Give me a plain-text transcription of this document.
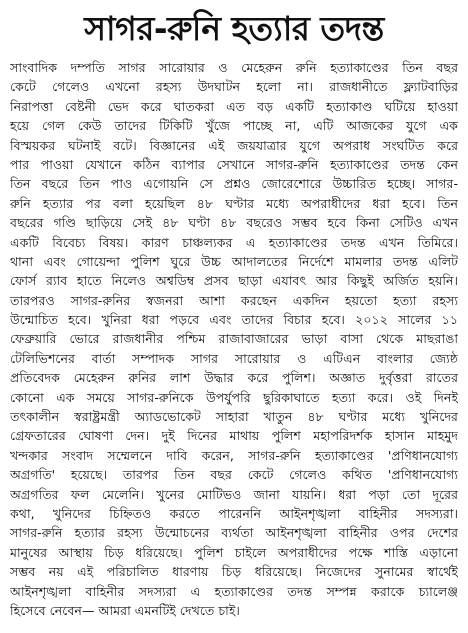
সাগর-রুনি হত্যার তদন্ত
সাংবাদিক দম্পতি সাগর সারোয়ার ও মেহেরুন রুনি হত্যাকাণ্ডের তিন বছর
কেটে গেলেও এখনো রহস্য উদঘাটন হলো না। রাজধানীতে ফ্ল্যাটবাড়ির
নিরাপত্তা বেষ্টনী ভেদ করে ঘাতকরা এত বড় একটি হত্যাকাণ্ড ঘটিয়ে হাওয়া
হয়ে গেল কেউ তাদের টিকিটি খুঁজে পাচ্ছে না, এটি আজকের যুগে এক
বিস্ময়কর ঘটনাই বটে। বিজ্ঞানের এই জয়যাত্রার যুগে অপরাধ সংঘটিত করে
পার পাওয়া যেখানে কঠিন ব্যাপার সেখানে সাগর-রুনি হত্যাকাণ্ডের তদন্ত কেন
তিন বছরে তিন পাও এগোয়নি সে প্রশ্নও জোরেশোরে উচ্চারিত হচ্ছে। সাগর-
রুনি হত্যার পর বলা হয়েছিল ৪৮ ঘণ্টার মধ্যে অপরাধীদের ধরা হবে। তিন
বছরের গণ্ডি ছাড়িয়ে সেই ৪৮ ঘণ্টা ৪৮ বছরেও সম্ভব হবে কিনা সেটিও এখন
একটি বিবেচ্য বিষয়। কারণ চাঞ্চল্যকর এ হত্যাকাণ্ডের তদন্ত এখন তিমিরে।
থানা এবং গোয়েন্দা পুলিশ ঘুরে উচ্চ আদালতের নির্দেশে মামলার তদন্ত এলিট
ফোর্স র‌্যাব হাতে নিলেও অশ্বডিম্ব প্রসব ছাড়া এযাবৎ আর কিছুই অর্জিত হয়নি।
তারপরও সাগর-রুনির স্বজনরা আশা করছেন একদিন হয়তো হত্যা রহস্য
উন্মোচিত হবে। খুনিরা ধরা পড়বে এবং তাদের বিচার হবে। ২০১২ সালের ১১
ফেব্রুয়ারি ভোরে রাজধানীর পশ্চিম রাজাবাজারের ভাড়া বাসা থেকে মাছরাঙা
টেলিভিশনের বার্তা সম্পাদক সাগর সারোয়ার ও এটিএন বাংলার জ্যেষ্ঠ
প্রতিবেদক মেহেরুন রুনির লাশ উদ্ধার করে পুলিশ। অজ্ঞাত দুর্বৃত্তরা রাতের
কোনো এক সময়ে সাগর-রুনিকে উপর্যুপরি ছুরিকাঘাতে হত্যা করে। ওই দিনই
তৎকালীন স্বরাষ্ট্রমন্ত্রী অ্যাডভোকেট সাহারা খাতুন ৪৮ ঘণ্টার মধ্যে খুনিদের
গ্রেফতারের ঘোষণা দেন। দুই দিনের মাথায় পুলিশ মহাপরিদর্শক হাসান মাহমুদ
খন্দকার সংবাদ সম্মেলনে দাবি করেন, সাগর-রুনি হত্যাকাণ্ডের 'প্রণিধানযোগ্য
অগ্রগতি' হয়েছে। তারপর তিন বছর কেটে গেলেও কথিত 'প্রণিধানযোগ্য
অগ্রগতির ফল মেলেনি। খুনের মোটিভও জানা যায়নি। ধরা পড়া তো দূরের
কথা, খুনিদের চিহ্নিতও করতে পারেননি আইনশৃঙ্খলা বাহিনীর সদস্যরা।
সাগর-রুনি হত্যার রহস্য উন্মোচনের ব্যর্থতা আইনশৃঙ্খলা বাহিনীর ওপর দেশের
মানুষের আস্থায় চিড় ধরিয়েছে। পুলিশ চাইলে অপরাধীদের পক্ষে শাস্তি এড়ানো
সম্ভব নয় এই পরিচালিত ধারণায় চিড় ধরিয়েছে। নিজেদের সুনামের স্বার্থেই
আইনশৃঙ্খলা বাহিনীর সদস্যরা এ হত্যাকাণ্ডের তদন্ত সম্পন্ন করাকে চ্যালেঞ্জ
হিসেবে নেবেন— আমরা এমনটিই দেখতে চাই।
